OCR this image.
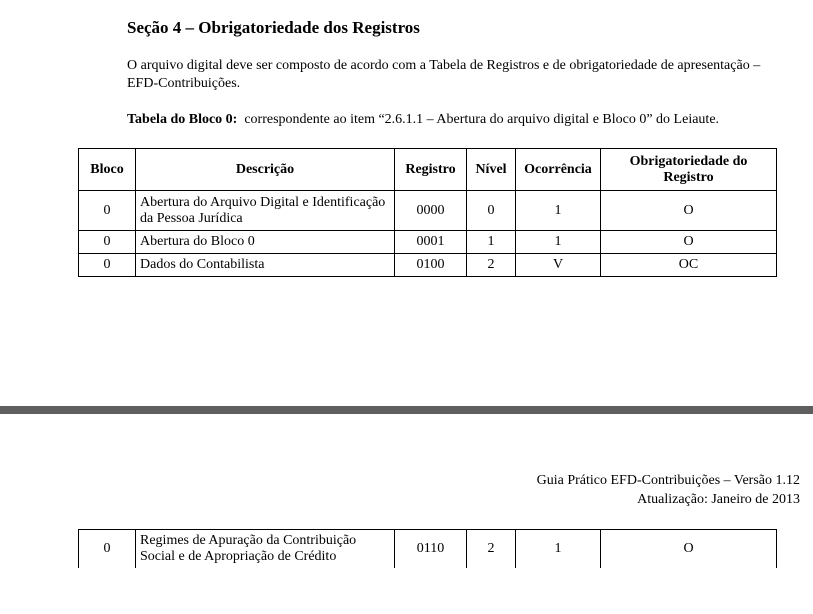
Seção 4 – Obrigatoriedade dos Registros
O arquivo digital deve ser composto de acordo com a Tabela de Registros e de obrigatoriedade de apresentação – EFD-Contribuições.
Tabela do Bloco 0: correspondente ao item “2.6.1.1 – Abertura do arquivo digital e Bloco 0” do Leiaute.
Bloco	Descrição	Registro	Nível	Ocorrência	Obrigatoriedade do Registro
0	Abertura do Arquivo Digital e Identificação da Pessoa Jurídica	0000	0	1	O
0	Abertura do Bloco 0	0001	1	1	O
0	Dados do Contabilista	0100	2	V	OC
Guia Prático EFD-Contribuições – Versão 1.12
Atualização: Janeiro de 2013
0	Regimes de Apuração da Contribuição Social e de Apropriação de Crédito	0110	2	1	O
